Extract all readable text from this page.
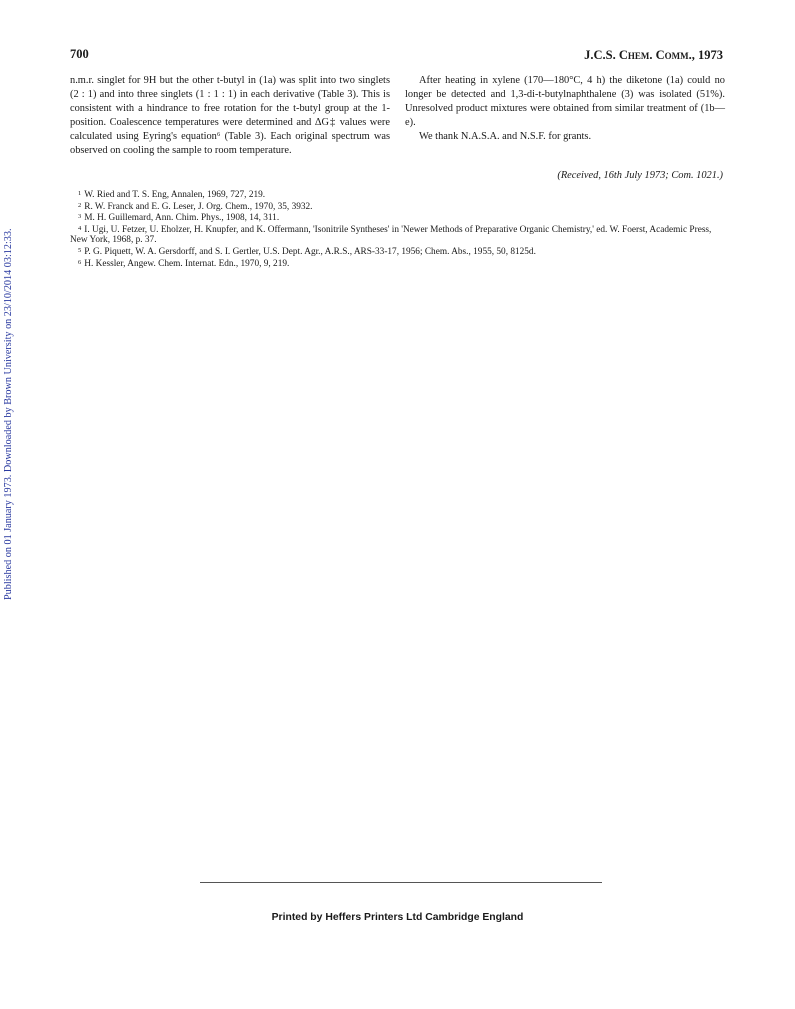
Published on 01 January 1973. Downloaded by Brown University on 23/10/2014 03:12:33.
700	J.C.S. Chem. Comm., 1973

n.m.r. singlet for 9H but the other t-butyl in (1a) was split into two singlets (2 : 1) and into three singlets (1 : 1 : 1) in each derivative (Table 3). This is consistent with a hindrance to free rotation for the t-butyl group at the 1-position. Coalescence temperatures were determined and ΔG‡ values were calculated using Eyring's equation⁶ (Table 3). Each original spectrum was observed on cooling the sample to room temperature.

After heating in xylene (170—180°C, 4 h) the diketone (1a) could no longer be detected and 1,3-di-t-butylnaphthalene (3) was isolated (51%). Unresolved product mixtures were obtained from similar treatment of (1b—e).

We thank N.A.S.A. and N.S.F. for grants.

(Received, 16th July 1973; Com. 1021.)
$^1$ W. Ried and T. S. Eng, Annalen, 1969, 727, 219.
$^2$ R. W. Franck and E. G. Leser, J. Org. Chem., 1970, 35, 3932.
$^3$ M. H. Guillemard, Ann. Chim. Phys., 1908, 14, 311.
$^4$ I. Ugi, U. Fetzer, U. Eholzer, H. Knupfer, and K. Offermann, 'Isonitrile Syntheses' in 'Newer Methods of Preparative Organic Chemistry,' ed. W. Foerst, Academic Press, New York, 1968, p. 37.
$^5$ P. G. Piquett, W. A. Gersdorff, and S. I. Gertler, U.S. Dept. Agr., A.R.S., ARS-33-17, 1956; Chem. Abs., 1955, 50, 8125d.
$^6$ H. Kessler, Angew. Chem. Internat. Edn., 1970, 9, 219.
Printed by Heffers Printers Ltd Cambridge England
